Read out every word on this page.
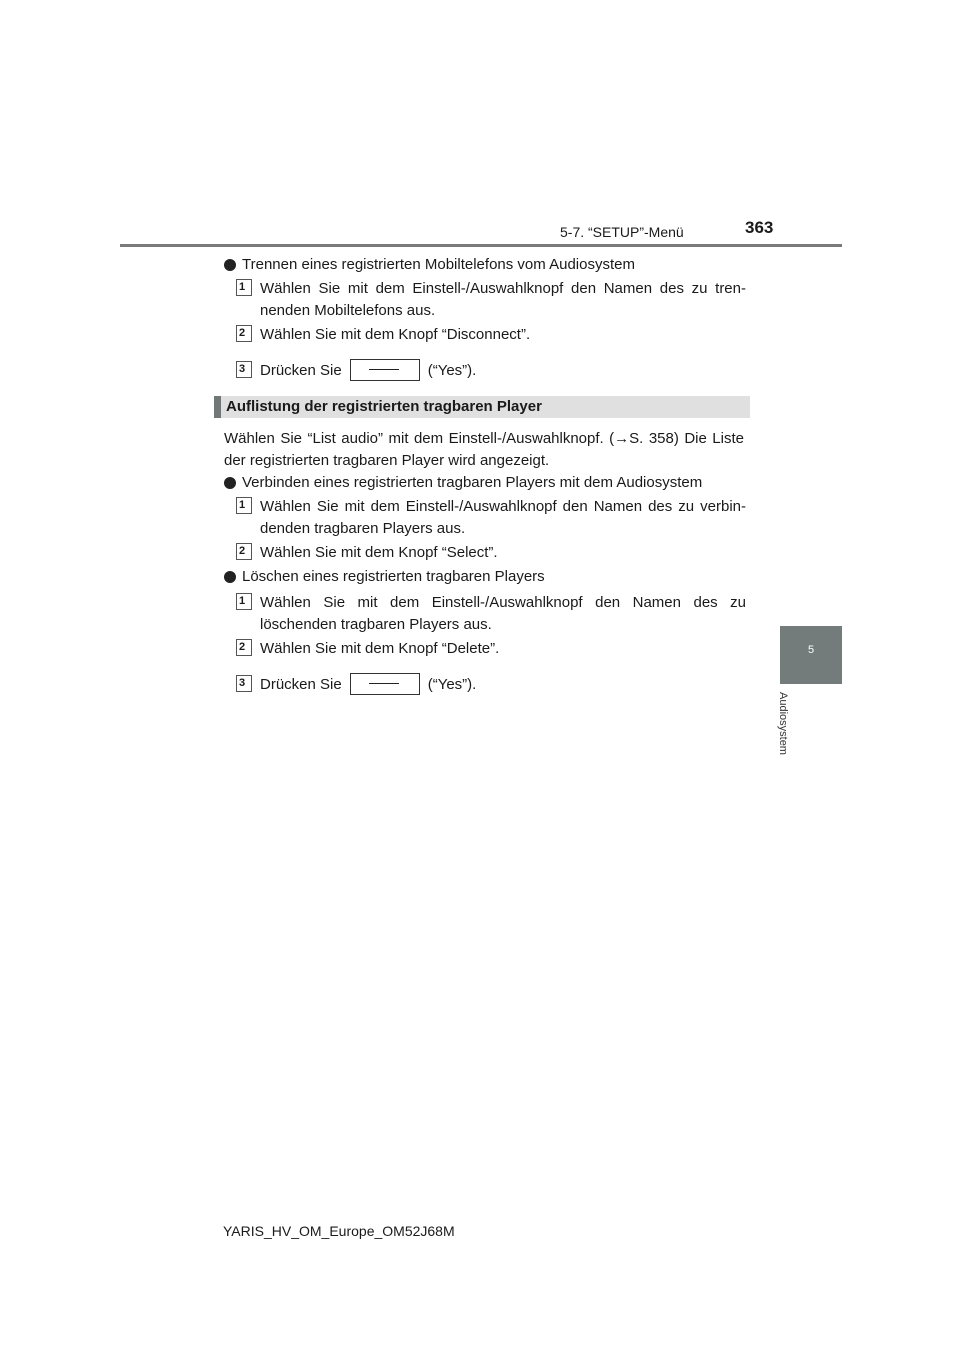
5-7. “SETUP”-Menü	363
5
Audiosystem
Trennen eines registrierten Mobiltelefons vom Audiosystem
1 Wählen Sie mit dem Einstell-/Auswahlknopf den Namen des zu tren-
nenden Mobiltelefons aus.
2 Wählen Sie mit dem Knopf “Disconnect”.
3 Drücken Sie	(“Yes”).
Auflistung der registrierten tragbaren Player
Wählen Sie “List audio” mit dem Einstell-/Auswahlknopf. (→S. 358) Die Liste
der registrierten tragbaren Player wird angezeigt.
Verbinden eines registrierten tragbaren Players mit dem Audiosystem
1 Wählen Sie mit dem Einstell-/Auswahlknopf den Namen des zu verbin-
denden tragbaren Players aus.
2 Wählen Sie mit dem Knopf “Select”.
Löschen eines registrierten tragbaren Players
1 Wählen Sie mit dem Einstell-/Auswahlknopf den Namen des zu
löschenden tragbaren Players aus.
2 Wählen Sie mit dem Knopf “Delete”.
3 Drücken Sie	(“Yes”).
YARIS_HV_OM_Europe_OM52J68M
